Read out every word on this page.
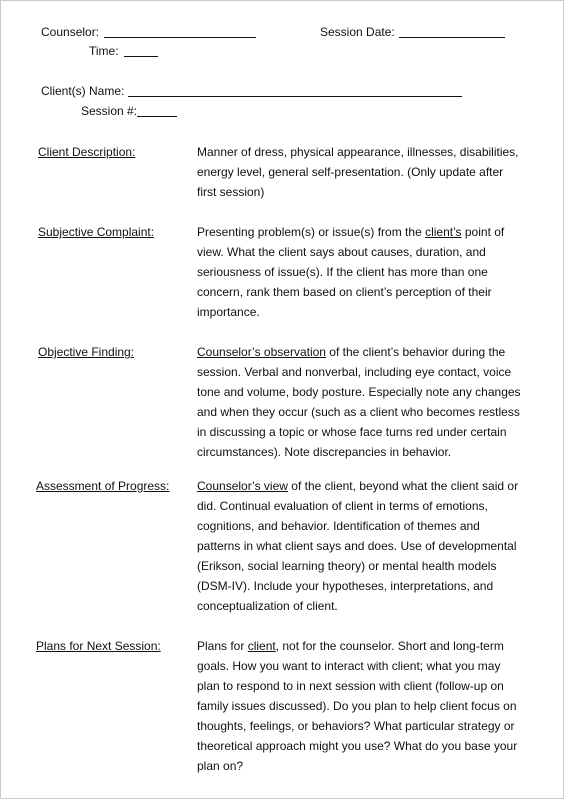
Counselor:	Session Date:
Time:
Client(s) Name:
Session #:
Client Description:	Manner of dress, physical appearance, illnesses, disabilities,

energy level, general self-presentation. (Only update after

first session)

Subjective Complaint:	Presenting problem(s) or issue(s) from the client’s point of

view. What the client says about causes, duration, and

seriousness of issue(s). If the client has more than one

concern, rank them based on client’s perception of their

importance.

Objective Finding:	Counselor’s observation of the client’s behavior during the

session. Verbal and nonverbal, including eye contact, voice

tone and volume, body posture. Especially note any changes

and when they occur (such as a client who becomes restless

in discussing a topic or whose face turns red under certain

circumstances). Note discrepancies in behavior.

Assessment of Progress: Counselor’s view of the client, beyond what the client said or

did. Continual evaluation of client in terms of emotions,

cognitions, and behavior. Identification of themes and

patterns in what client says and does. Use of developmental

(Erikson, social learning theory) or mental health models

(DSM-IV). Include your hypotheses, interpretations, and

conceptualization of client.

Plans for Next Session:	Plans for client, not for the counselor. Short and long-term

goals. How you want to interact with client; what you may

plan to respond to in next session with client (follow-up on

family issues discussed). Do you plan to help client focus on

thoughts, feelings, or behaviors? What particular strategy or

theoretical approach might you use? What do you base your

plan on?
